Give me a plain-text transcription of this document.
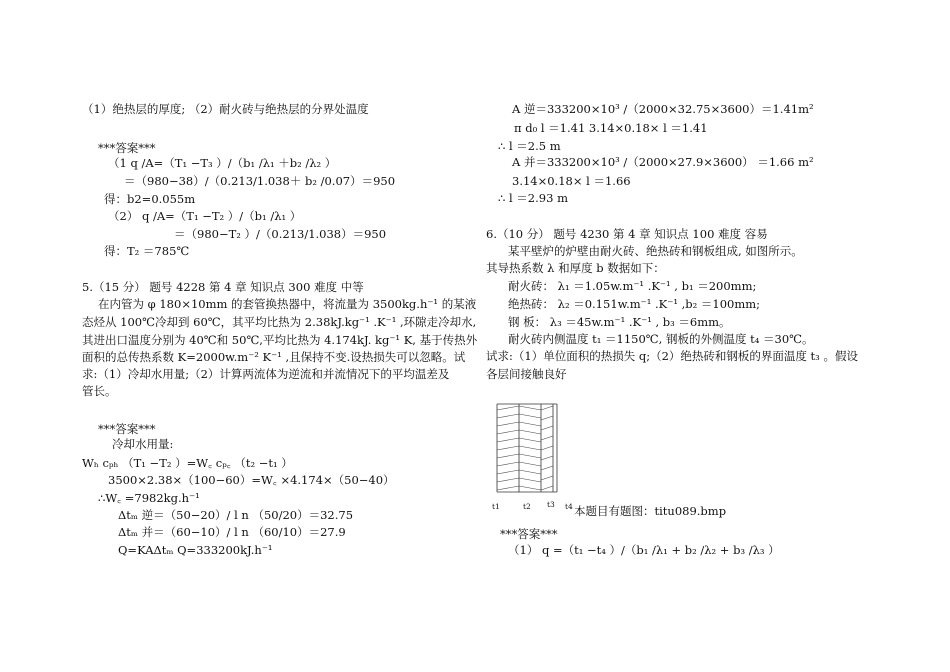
（1）绝热层的厚度; （2）耐火砖与绝热层的分界处温度
***答案***
（1 q /A=（T₁ −T₃ ）/（b₁ /λ₁ ＋b₂ /λ₂ ）
＝（980−38）/（0.213/1.038＋ b₂ /0.07）＝950
得：b2=0.055m
（2） q /A=（T₁ −T₂ ）/（b₁ /λ₁ ）
＝（980−T₂ ）/（0.213/1.038）＝950
得：T₂ ＝785℃
5.（15 分） 题号 4228 第 4 章 知识点 300 难度 中等
在内管为 φ 180×10mm 的套管换热器中，将流量为 3500kg.h⁻¹ 的某液
态烃从 100℃冷却到 60℃，其平均比热为 2.38kJ.kg⁻¹ .K⁻¹ ,环隙走冷却水,
其进出口温度分别为 40℃和 50℃,平均比热为 4.174kJ. kg⁻¹ K, 基于传热外
面积的总传热系数 K=2000w.m⁻² K⁻¹ ,且保持不变.设热损失可以忽略。试
求:（1）冷却水用量;（2）计算两流体为逆流和并流情况下的平均温差及
管长。
***答案***
冷却水用量:
Wₕ cₚₕ （T₁ −T₂ ）=W꜀ cₚ꜀ （t₂ −t₁ ）
3500×2.38×（100−60）=W꜀ ×4.174×（50−40）
∴W꜀ =7982kg.h⁻¹
Δtₘ 逆＝（50−20）/ l n （50/20）＝32.75
Δtₘ 并＝（60−10）/ l n （60/10）＝27.9
Q=KAΔtₘ Q=333200kJ.h⁻¹
A 逆＝333200×10³ /（2000×32.75×3600）＝1.41m²
π d₀ l ＝1.41 3.14×0.18× l ＝1.41
∴ l ＝2.5 m
A 并＝333200×10³ /（2000×27.9×3600） ＝1.66 m²
3.14×0.18× l ＝1.66
∴ l ＝2.93 m
6.（10 分） 题号 4230 第 4 章 知识点 100 难度 容易
某平壁炉的炉壁由耐火砖、绝热砖和钢板组成, 如图所示。
其导热系数 λ 和厚度 b 数据如下：
耐火砖： λ₁ ＝1.05w.m⁻¹ .K⁻¹ , b₁ ＝200mm;
绝热砖： λ₂ ＝0.151w.m⁻¹ .K⁻¹ ,b₂ ＝100mm;
钢 板： λ₃ ＝45w.m⁻¹ .K⁻¹ , b₃ ＝6mm。
耐火砖内侧温度 t₁ ＝1150℃, 钢板的外侧温度 t₄ ＝30℃。
试求:（1）单位面积的热损失 q;（2）绝热砖和钢板的界面温度 t₃ 。假设
各层间接触良好
本题目有题图：titu089.bmp
***答案***
（1） q =（t₁ −t₄ ）/（b₁ /λ₁ + b₂ /λ₂ + b₃ /λ₃ ）
t1	t2 t3 t4
